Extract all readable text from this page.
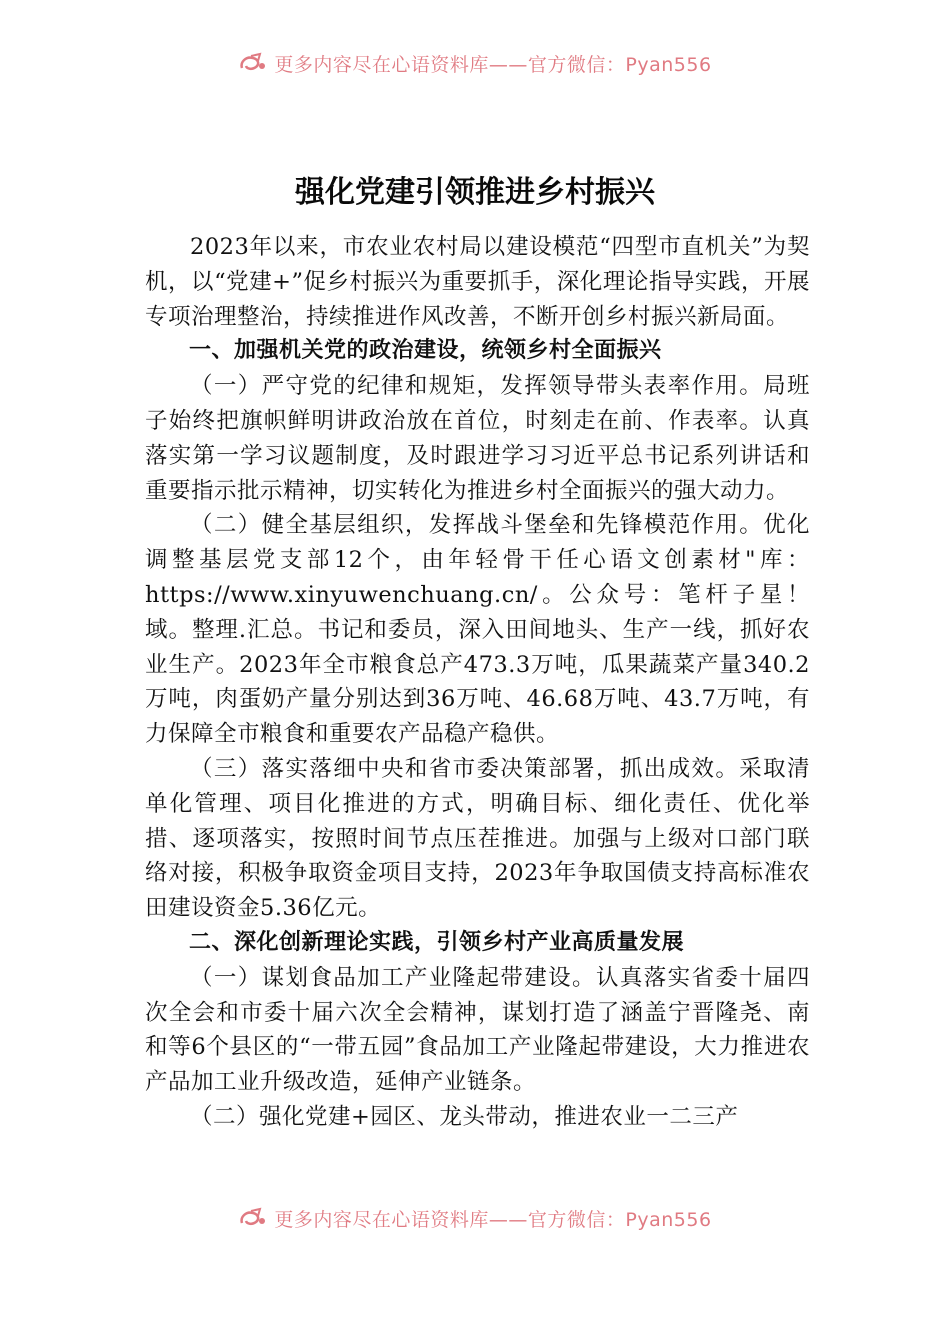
更多内容尽在心语资料库——官方微信：Pyan556
强化党建引领推进乡村振兴

2023年以来，市农业农村局以建设模范“四型市直机关”为契机，以“党建+”促乡村振兴为重要抓手，深化理论指导实践，开展专项治理整治，持续推进作风改善，不断开创乡村振兴新局面。

一、加强机关党的政治建设，统领乡村全面振兴

（一）严守党的纪律和规矩，发挥领导带头表率作用。局班子始终把旗帜鲜明讲政治放在首位，时刻走在前、作表率。认真落实第一学习议题制度，及时跟进学习习近平总书记系列讲话和重要指示批示精神，切实转化为推进乡村全面振兴的强大动力。

（二）健全基层组织，发挥战斗堡垒和先锋模范作用。优化调整基层党支部12个，由年轻骨干任心语文创素材"库：https://www.xinyuwenchuang.cn/。公众号：笔杆子星！域。整理.汇总。书记和委员，深入田间地头、生产一线，抓好农业生产。2023年全市粮食总产473.3万吨，瓜果蔬菜产量340.2万吨，肉蛋奶产量分别达到36万吨、46.68万吨、43.7万吨，有力保障全市粮食和重要农产品稳产稳供。

（三）落实落细中央和省市委决策部署，抓出成效。采取清单化管理、项目化推进的方式，明确目标、细化责任、优化举措、逐项落实，按照时间节点压茬推进。加强与上级对口部门联络对接，积极争取资金项目支持，2023年争取国债支持高标准农田建设资金5.36亿元。

二、深化创新理论实践，引领乡村产业高质量发展

（一）谋划食品加工产业隆起带建设。认真落实省委十届四次全会和市委十届六次全会精神，谋划打造了涵盖宁晋隆尧、南和等6个县区的“一带五园”食品加工产业隆起带建设，大力推进农产品加工业升级改造，延伸产业链条。

（二）强化党建+园区、龙头带动，推进农业一二三产

更多内容尽在心语资料库——官方微信：Pyan556
